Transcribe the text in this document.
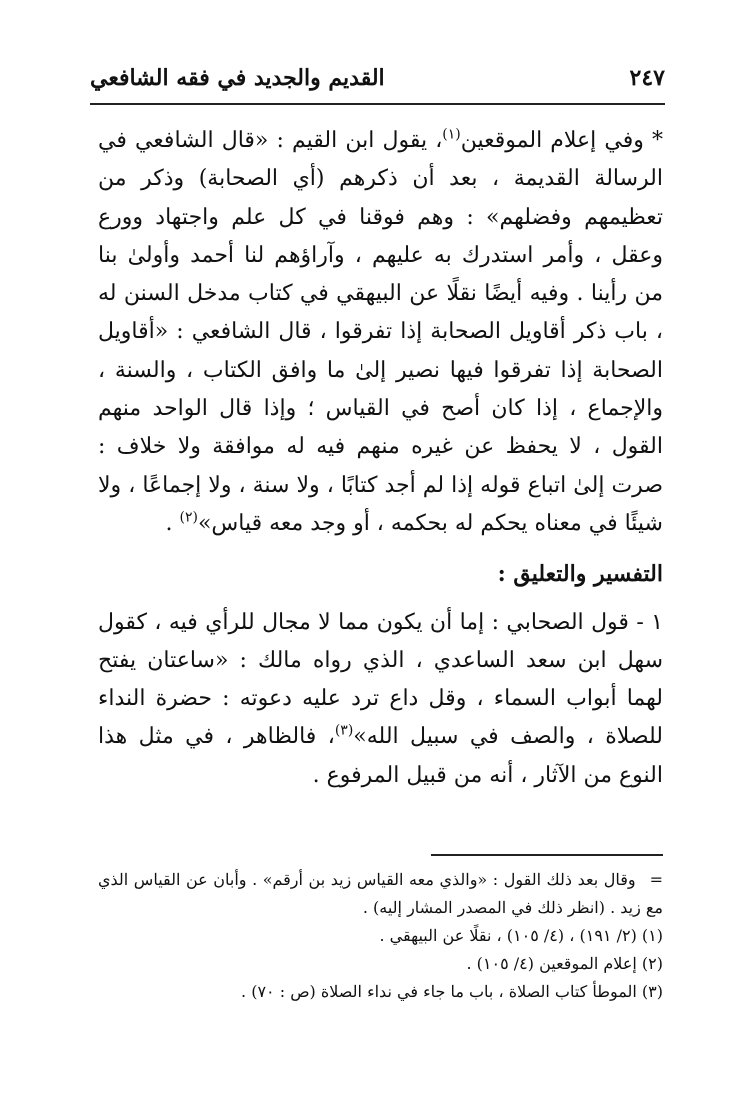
القديم والجديد في فقه الشافعي	٢٤٧

* وفي إعلام الموقعين$^{(١)}$، يقول ابن القيم : «قال الشافعي في الرسالة القديمة ، بعد أن ذكرهم (أي الصحابة) وذكر من تعظيمهم وفضلهم» : وهم فوقنا في كل علم واجتهاد وورع وعقل ، وأمر استدرك به عليهم ، وآراؤهم لنا أحمد وأولىٰ بنا من رأينا . وفيه أيضًا نقلًا عن البيهقي في كتاب مدخل السنن له ، باب ذكر أقاويل الصحابة إذا تفرقوا ، قال الشافعي : «أقاويل الصحابة إذا تفرقوا فيها نصير إلىٰ ما وافق الكتاب ، والسنة ، والإجماع ، إذا كان أصح في القياس ؛ وإذا قال الواحد منهم القول ، لا يحفظ عن غيره منهم فيه له موافقة ولا خلاف : صرت إلىٰ اتباع قوله إذا لم أجد كتابًا ، ولا سنة ، ولا إجماعًا ، ولا شيئًا في معناه يحكم له بحكمه ، أو وجد معه قياس»$^{(٢)}$ .

التفسير والتعليق :

١ - قول الصحابي : إما أن يكون مما لا مجال للرأي فيه ، كقول سهل ابن سعد الساعدي ، الذي رواه مالك : «ساعتان يفتح لهما أبواب السماء ، وقل داع ترد عليه دعوته : حضرة النداء للصلاة ، والصف في سبيل الله»$^{(٣)}$، فالظاهر ، في مثل هذا النوع من الآثار ، أنه من قبيل المرفوع .

=وقال بعد ذلك القول : «والذي معه القياس زيد بن أرقم» . وأبان عن القياس الذي مع زيد . (انظر ذلك في المصدر المشار إليه) .

(١) (٢/ ١٩١) ، (٤/ ١٠٥) ، نقلًا عن البيهقي .

(٢) إعلام الموقعين (٤/ ١٠٥) .

(٣) الموطأ كتاب الصلاة ، باب ما جاء في نداء الصلاة (ص : ٧٠) .
